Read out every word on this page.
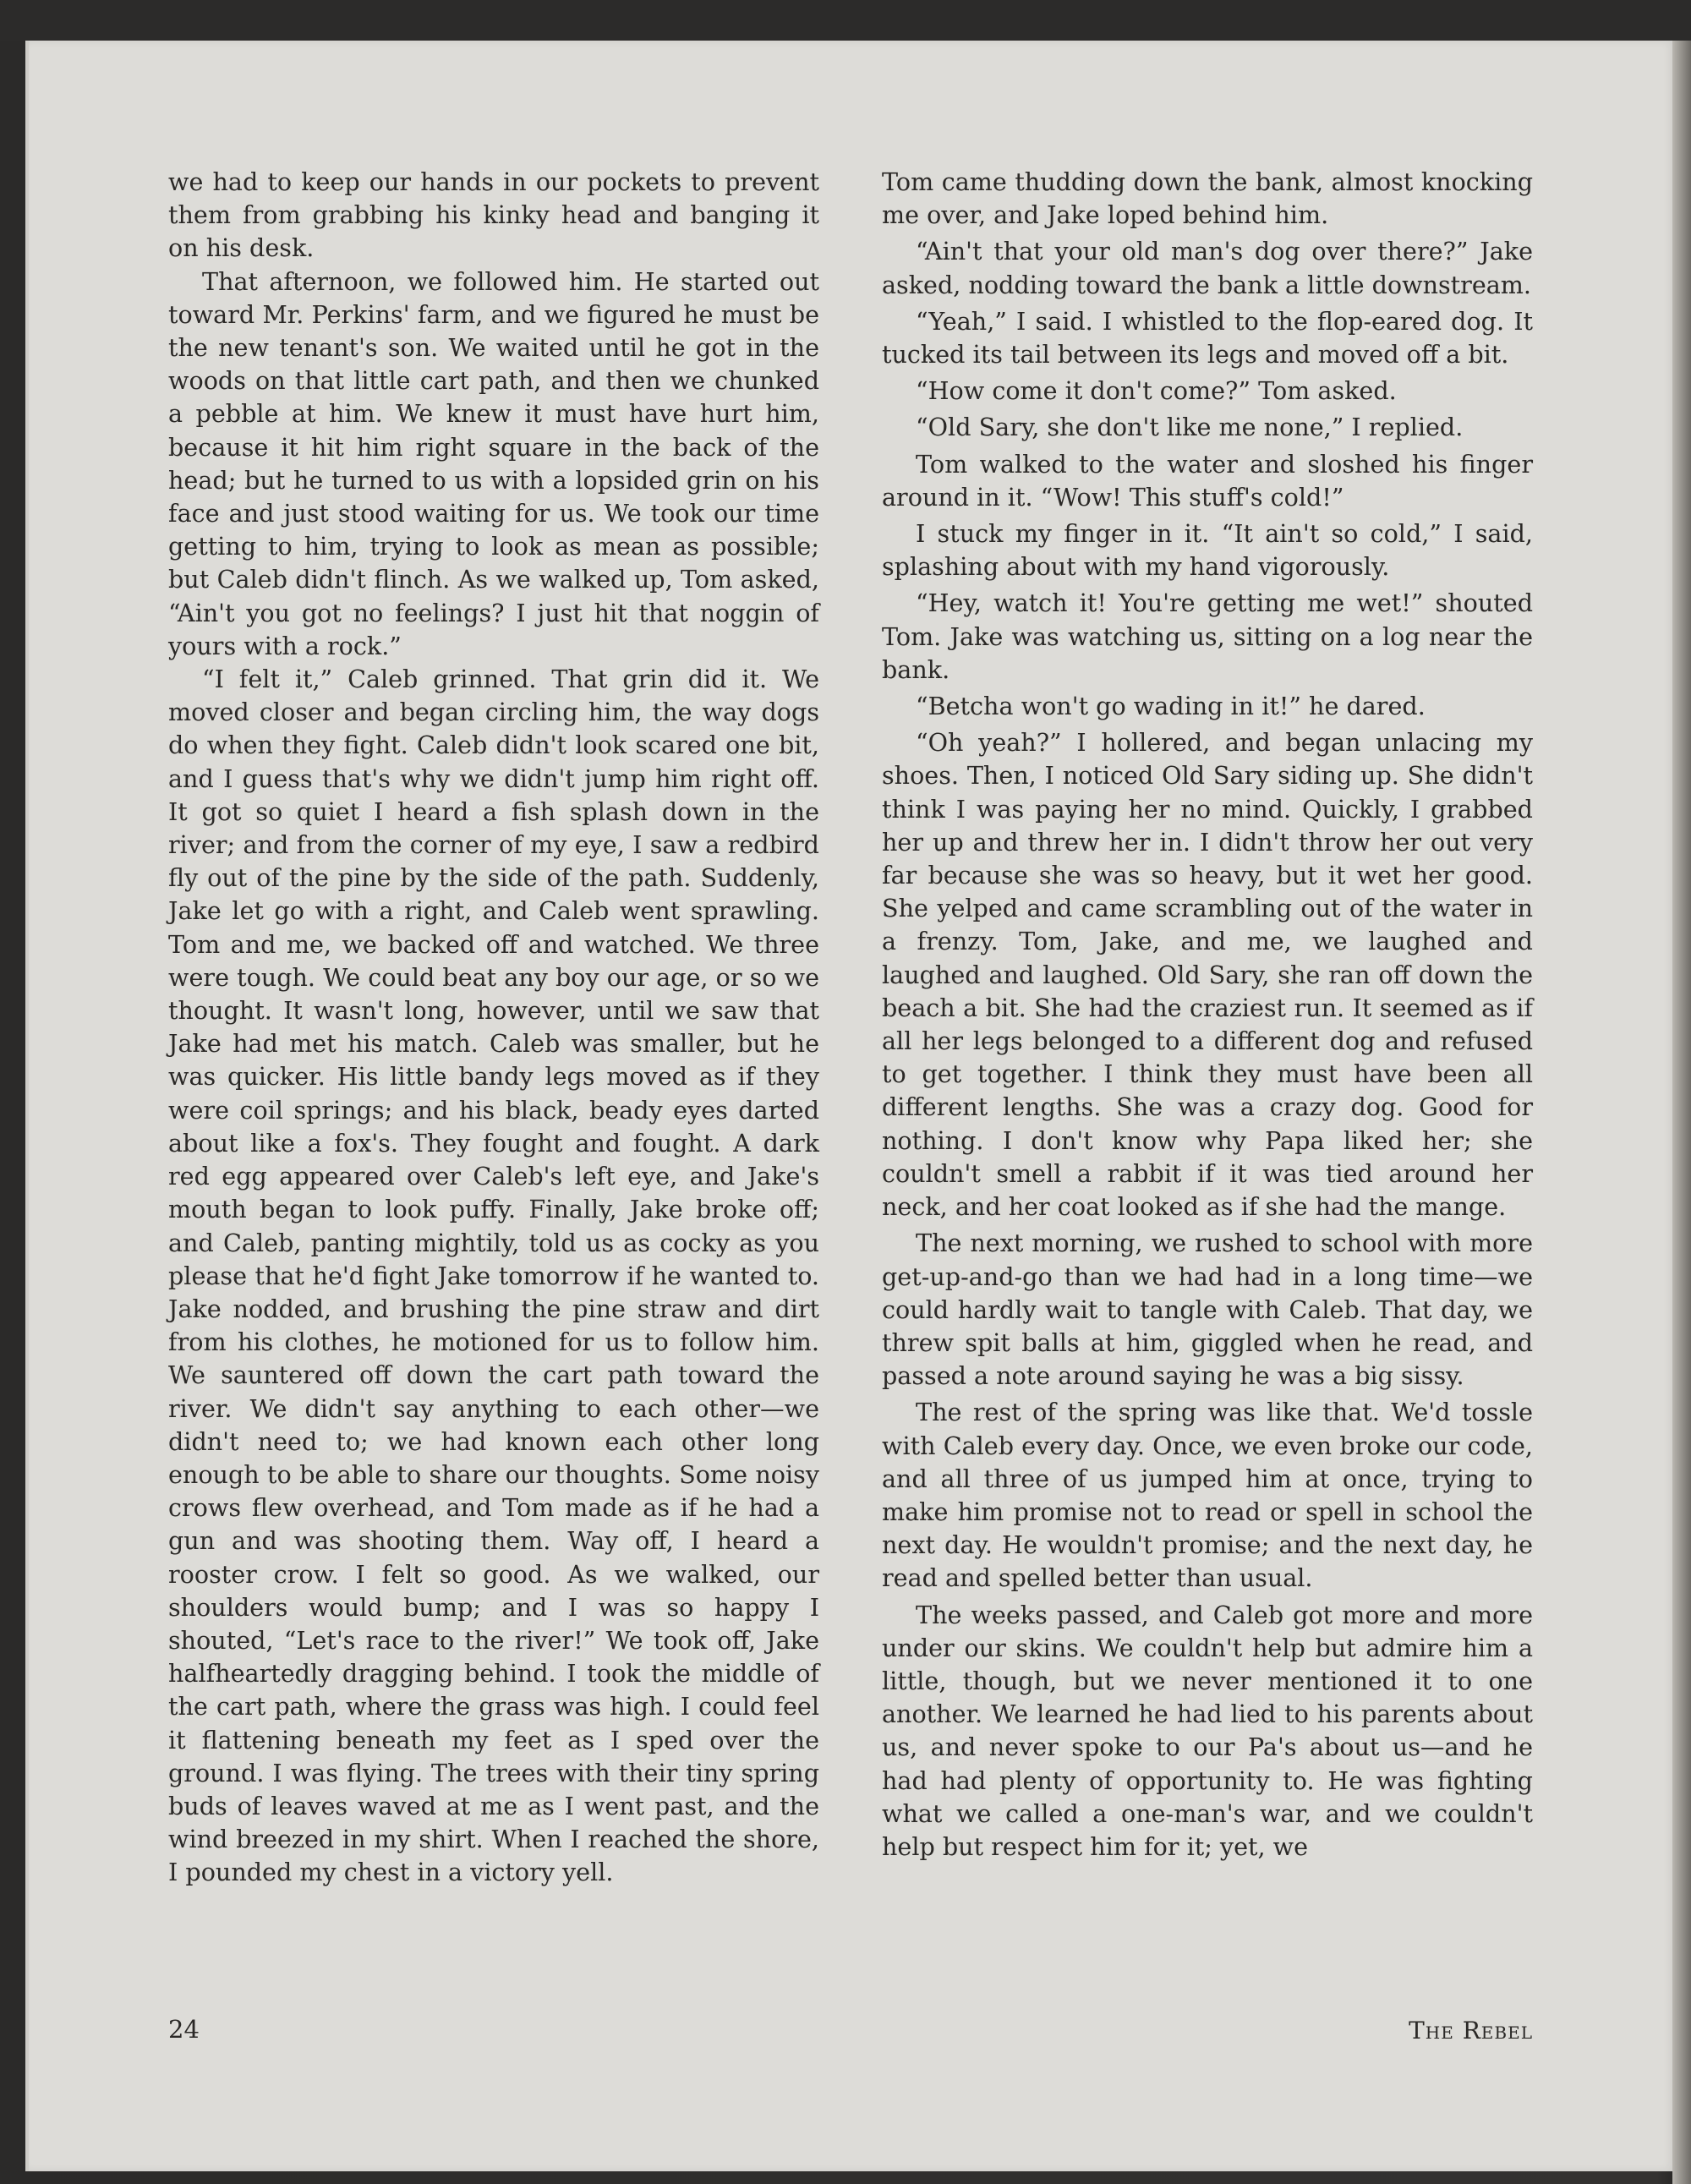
we had to keep our hands in our pockets to prevent them from grabbing his kinky head and banging it on his desk.

That afternoon, we followed him. He started out toward Mr. Perkins' farm, and we figured he must be the new tenant's son. We waited until he got in the woods on that little cart path, and then we chunked a pebble at him. We knew it must have hurt him, because it hit him right square in the back of the head; but he turned to us with a lopsided grin on his face and just stood waiting for us. We took our time getting to him, trying to look as mean as possible; but Caleb didn't flinch. As we walked up, Tom asked, “Ain't you got no feelings? I just hit that noggin of yours with a rock.”

“I felt it,” Caleb grinned. That grin did it. We moved closer and began circling him, the way dogs do when they fight. Caleb didn't look scared one bit, and I guess that's why we didn't jump him right off. It got so quiet I heard a fish splash down in the river; and from the corner of my eye, I saw a redbird fly out of the pine by the side of the path. Suddenly, Jake let go with a right, and Caleb went sprawling. Tom and me, we backed off and watched. We three were tough. We could beat any boy our age, or so we thought. It wasn't long, however, until we saw that Jake had met his match. Caleb was smaller, but he was quicker. His little bandy legs moved as if they were coil springs; and his black, beady eyes darted about like a fox's. They fought and fought. A dark red egg appeared over Caleb's left eye, and Jake's mouth began to look puffy. Finally, Jake broke off; and Caleb, panting mightily, told us as cocky as you please that he'd fight Jake tomorrow if he wanted to. Jake nodded, and brushing the pine straw and dirt from his clothes, he motioned for us to follow him. We sauntered off down the cart path toward the river. We didn't say anything to each other—we didn't need to; we had known each other long enough to be able to share our thoughts. Some noisy crows flew overhead, and Tom made as if he had a gun and was shooting them. Way off, I heard a rooster crow. I felt so good. As we walked, our shoulders would bump; and I was so happy I shouted, “Let's race to the river!” We took off, Jake halfheartedly dragging behind. I took the middle of the cart path, where the grass was high. I could feel it flattening beneath my feet as I sped over the ground. I was flying. The trees with their tiny spring buds of leaves waved at me as I went past, and the wind breezed in my shirt. When I reached the shore, I pounded my chest in a victory yell.

Tom came thudding down the bank, almost knocking me over, and Jake loped behind him.

“Ain't that your old man's dog over there?” Jake asked, nodding toward the bank a little downstream.

“Yeah,” I said. I whistled to the flop-eared dog. It tucked its tail between its legs and moved off a bit.

“How come it don't come?” Tom asked.

“Old Sary, she don't like me none,” I replied.

Tom walked to the water and sloshed his finger around in it. “Wow! This stuff's cold!”

I stuck my finger in it. “It ain't so cold,” I said, splashing about with my hand vigorously.

“Hey, watch it! You're getting me wet!” shouted Tom. Jake was watching us, sitting on a log near the bank.

“Betcha won't go wading in it!” he dared.

“Oh yeah?” I hollered, and began unlacing my shoes. Then, I noticed Old Sary siding up. She didn't think I was paying her no mind. Quickly, I grabbed her up and threw her in. I didn't throw her out very far because she was so heavy, but it wet her good. She yelped and came scrambling out of the water in a frenzy. Tom, Jake, and me, we laughed and laughed and laughed. Old Sary, she ran off down the beach a bit. She had the craziest run. It seemed as if all her legs belonged to a different dog and refused to get together. I think they must have been all different lengths. She was a crazy dog. Good for nothing. I don't know why Papa liked her; she couldn't smell a rabbit if it was tied around her neck, and her coat looked as if she had the mange.

The next morning, we rushed to school with more get-up-and-go than we had had in a long time—we could hardly wait to tangle with Caleb. That day, we threw spit balls at him, giggled when he read, and passed a note around saying he was a big sissy.

The rest of the spring was like that. We'd tossle with Caleb every day. Once, we even broke our code, and all three of us jumped him at once, trying to make him promise not to read or spell in school the next day. He wouldn't promise; and the next day, he read and spelled better than usual.

The weeks passed, and Caleb got more and more under our skins. We couldn't help but admire him a little, though, but we never mentioned it to one another. We learned he had lied to his parents about us, and never spoke to our Pa's about us—and he had had plenty of opportunity to. He was fighting what we called a one-man's war, and we couldn't help but respect him for it; yet, we

24	The Rebel
